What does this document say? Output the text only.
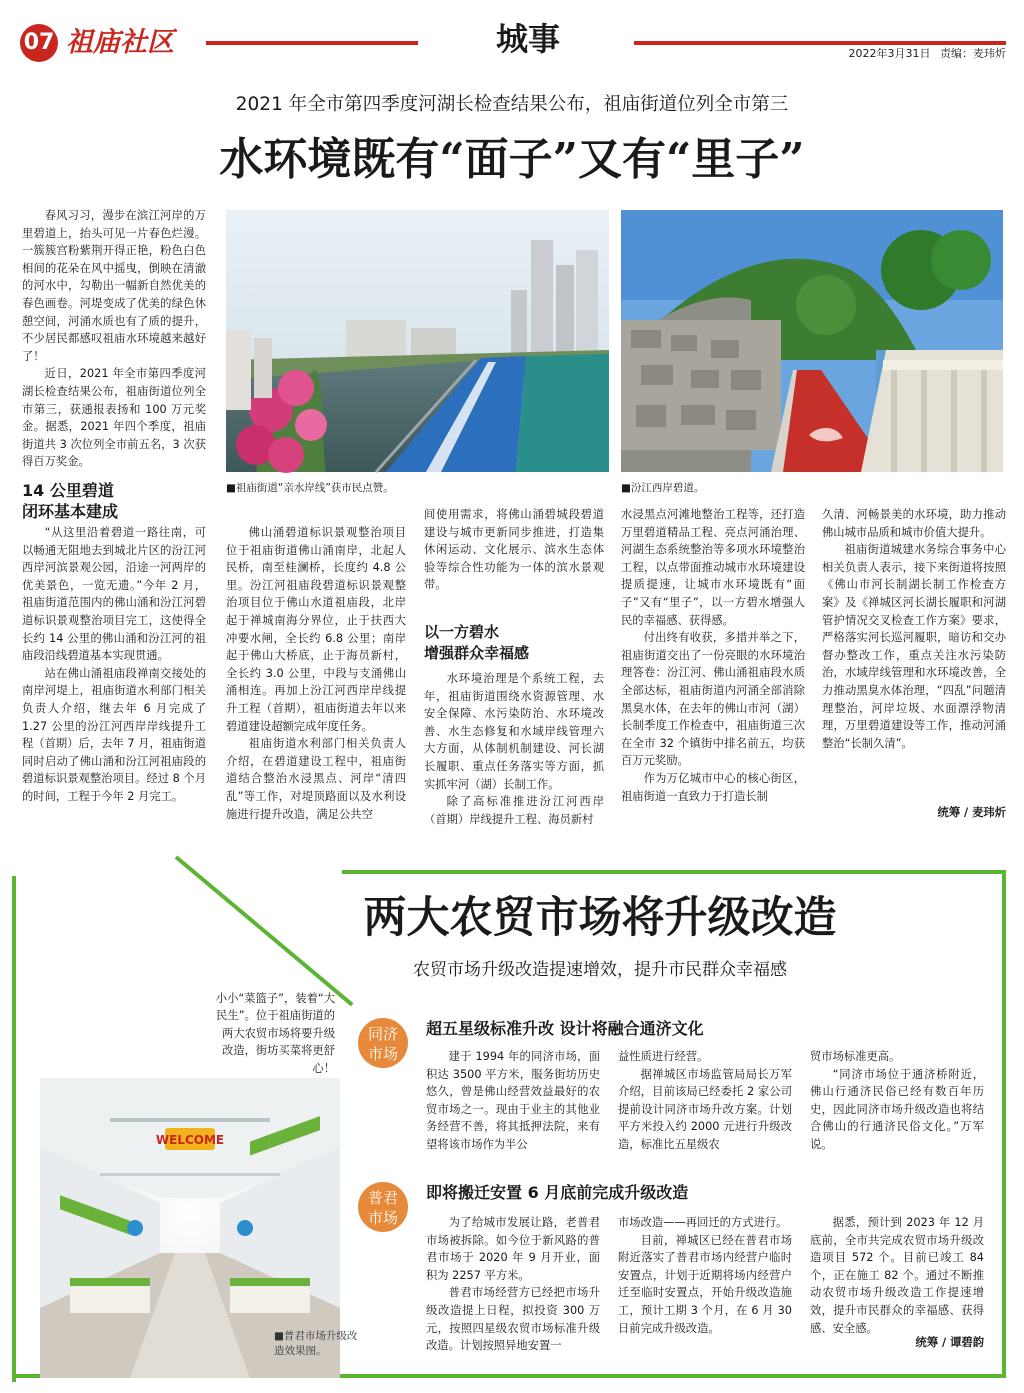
07 祖庙社区	城事	2022年3月31日 责编：麦玮炘
2021 年全市第四季度河湖长检查结果公布，祖庙街道位列全市第三
水环境既有“面子”又有“里子”

春风习习，漫步在滨江河岸的万里碧道上，抬头可见一片春色烂漫。一簇簇宫粉紫荆开得正艳，粉色白色相间的花朵在风中摇曳，倒映在清澈的河水中，勾勒出一幅新自然优美的春色画卷。河堤变成了优美的绿色休憩空间，河涌水质也有了质的提升，不少居民都感叹祖庙水环境越来越好了！

近日，2021 年全市第四季度河湖长检查结果公布，祖庙街道位列全市第三，获通报表扬和 100 万元奖金。据悉，2021 年四个季度，祖庙街道共 3 次位列全市前五名，3 次获得百万奖金。

■祖庙街道“亲水岸线”获市民点赞。	■汾江西岸碧道。
14 公里碧道
闭环基本建成

“从这里沿着碧道一路往南，可以畅通无阻地去到城北片区的汾江河西岸河滨景观公园，沿途一河两岸的优美景色，一览无遗。”今年 2 月，祖庙街道范围内的佛山涌和汾江河碧道标识景观整治项目完工，这使得全长约 14 公里的佛山涌和汾江河的祖庙段沿线碧道基本实现贯通。

站在佛山涌祖庙段禅南交接处的南岸河堤上，祖庙街道水利部门相关负责人介绍，继去年 6 月完成了 1.27 公里的汾江河西岸岸线提升工程（首期）后，去年 7 月，祖庙街道同时启动了佛山涌和汾江河祖庙段的碧道标识景观整治项目。经过 8 个月的时间，工程于今年 2 月完工。

佛山涌碧道标识景观整治项目位于祖庙街道佛山涌南岸，北起人民桥，南至桂澜桥，长度约 4.8 公里。汾江河祖庙段碧道标识景观整治项目位于佛山水道祖庙段，北岸起于禅城南海分界位，止于扶西大冲要水闸，全长约 6.8 公里；南岸起于佛山大桥底，止于海员新村，全长约 3.0 公里，中段与支涌佛山涌相连。再加上汾江河西岸岸线提升工程（首期），祖庙街道去年以来碧道建设超额完成年度任务。

祖庙街道水利部门相关负责人介绍，在碧道建设工程中，祖庙街道结合整治水浸黑点、河岸“清四乱”等工作，对堤顶路面以及水利设施进行提升改造，满足公共空

间使用需求，将佛山涌碧城段碧道建设与城市更新同步推进，打造集休闲运动、文化展示、滨水生态体验等综合性功能为一体的滨水景观带。

以一方碧水
增强群众幸福感

水环境治理是个系统工程，去年，祖庙街道围绕水资源管理、水安全保障、水污染防治、水环境改善、水生态修复和水域岸线管理六大方面，从体制机制建设、河长湖长履职、重点任务落实等方面，抓实抓牢河（湖）长制工作。

除了高标准推进汾江河西岸（首期）岸线提升工程、海员新村

水浸黑点河滩地整治工程等，还打造万里碧道精品工程、亮点河涌治理、河湖生态系统整治等多项水环境整治工程，以点带面推动城市水环境建设提质提速，让城市水环境既有“面子”又有“里子”，以一方碧水增强人民的幸福感、获得感。

付出终有收获，多措并举之下，祖庙街道交出了一份亮眼的水环境治理答卷：汾江河、佛山涌祖庙段水质全部达标，祖庙街道内河涌全部消除黑臭水体，在去年的佛山市河（湖）长制季度工作检查中，祖庙街道三次在全市 32 个镇街中排名前五，均获百万元奖励。

作为万亿城市中心的核心街区，祖庙街道一直致力于打造长制

久清、河畅景美的水环境，助力推动佛山城市品质和城市价值大提升。

祖庙街道城建水务综合事务中心相关负责人表示，接下来街道将按照《佛山市河长制湖长制工作检查方案》及《禅城区河长湖长履职和河湖管护情况交叉检查工作方案》要求，严格落实河长巡河履职，暗访和交办督办整改工作，重点关注水污染防治，水域岸线管理和水环境改善，全力推动黑臭水体治理，“四乱”问题清理整治，河岸垃圾、水面漂浮物清理，万里碧道建设等工作，推动河涌整治“长制久清”。

统筹 / 麦玮炘
两大农贸市场将升级改造
农贸市场升级改造提速增效，提升市民群众幸福感
小小“菜篮子”，装着“大民生”。位于祖庙街道的两大农贸市场将要升级改造，街坊买菜将更舒心！
WELCOME
■普君市场升级改造效果图。
同济
市场
超五星级标准升改 设计将融合通济文化

建于 1994 年的同济市场，面积达 3500 平方米，服务街坊历史悠久，曾是佛山经营效益最好的农贸市场之一。现由于业主的其他业务经营不善，将其抵押法院，来有望将该市场作为半公

益性质进行经营。

据禅城区市场监管局局长万军介绍，目前该局已经委托 2 家公司提前设计同济市场升改方案。计划平方米投入约 2000 元进行升级改造，标准比五星级农

贸市场标准更高。

“同济市场位于通济桥附近，佛山行通济民俗已经有数百年历史，因此同济市场升级改造也将结合佛山的行通济民俗文化。”万军说。

普君
市场
即将搬迁安置 6 月底前完成升级改造

为了给城市发展让路，老普君市场被拆除。如今位于新风路的普君市场于 2020 年 9 月开业，面积为 2257 平方米。

普君市场经营方已经把市场升级改造提上日程，拟投资 300 万元，按照四星级农贸市场标准升级改造。计划按照异地安置一

市场改造——再回迁的方式进行。

目前，禅城区已经在普君市场附近落实了普君市场内经营户临时安置点，计划于近期将场内经营户迁至临时安置点，开始升级改造施工，预计工期 3 个月，在 6 月 30 日前完成升级改造。

据悉，预计到 2023 年 12 月底前，全市共完成农贸市场升级改造项目 572 个。目前已竣工 84 个，正在施工 82 个。通过不断推动农贸市场升级改造工作提速增效，提升市民群众的幸福感、获得感、安全感。

统筹 / 谭碧韵
